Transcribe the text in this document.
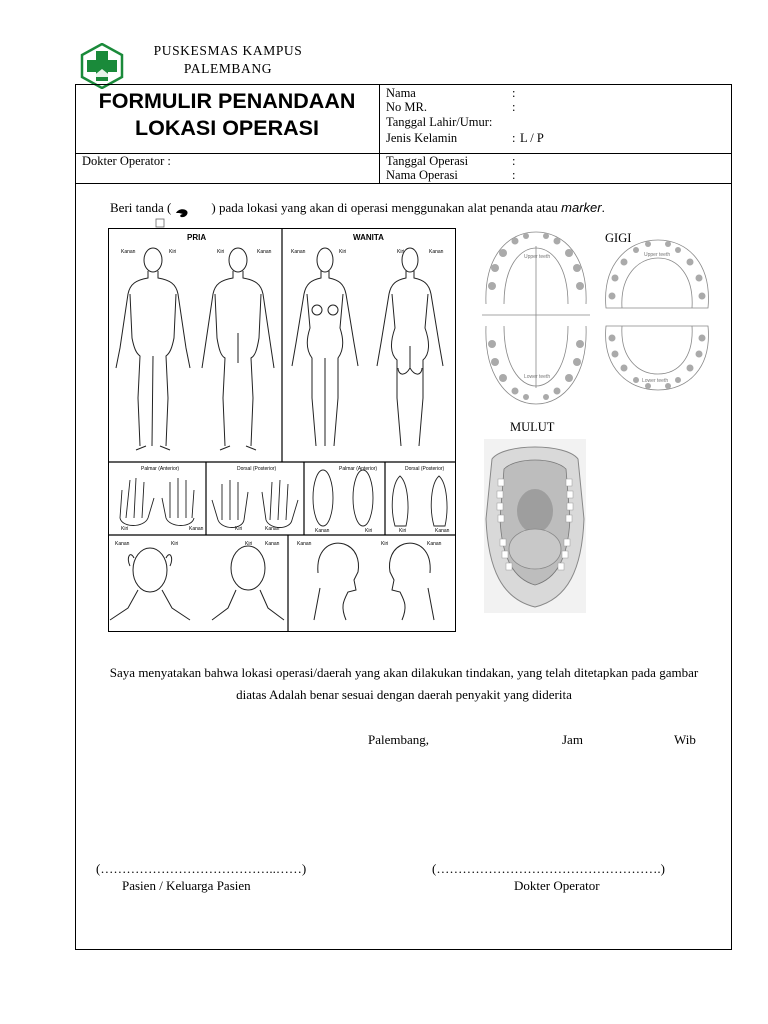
PUSKESMAS KAMPUS
PALEMBANG
FORMULIR PENANDAAN
LOKASI OPERASI
Nama	:
No MR.	:
Tanggal Lahir/Umur:
Jenis Kelamin	: L / P
Dokter Operator :	Tanggal Operasi	:
Nama Operasi	:
Beri tanda (	) pada lokasi yang akan di operasi menggunakan alat penanda atau marker.
PRIA	WANITA
Kanan	Kiri	Kiri	Kanan	Kanan	Kiri	Kiri	Kanan
Palmar (Anterior)	Dorsal (Posterior)	Palmar (Anterior)	Dorsal (Posterior)
Kiri	Kanan	Kiri	Kanan	Kanan	Kiri	Kiri	Kanan
Kanan	Kiri	Kiri	Kanan	Kanan	Kiri	Kanan
GIGI
Upper teeth
Lower teeth
Upper teeth
Lower teeth
MULUT
Saya menyatakan bahwa lokasi operasi/daerah yang akan dilakukan tindakan, yang telah ditetapkan pada gambar
diatas Adalah benar sesuai dengan daerah penyakit yang diderita
Palembang,	Jam	Wib
(…………………………………..……)	(…………………………………………….)
Pasien / Keluarga Pasien	Dokter Operator
